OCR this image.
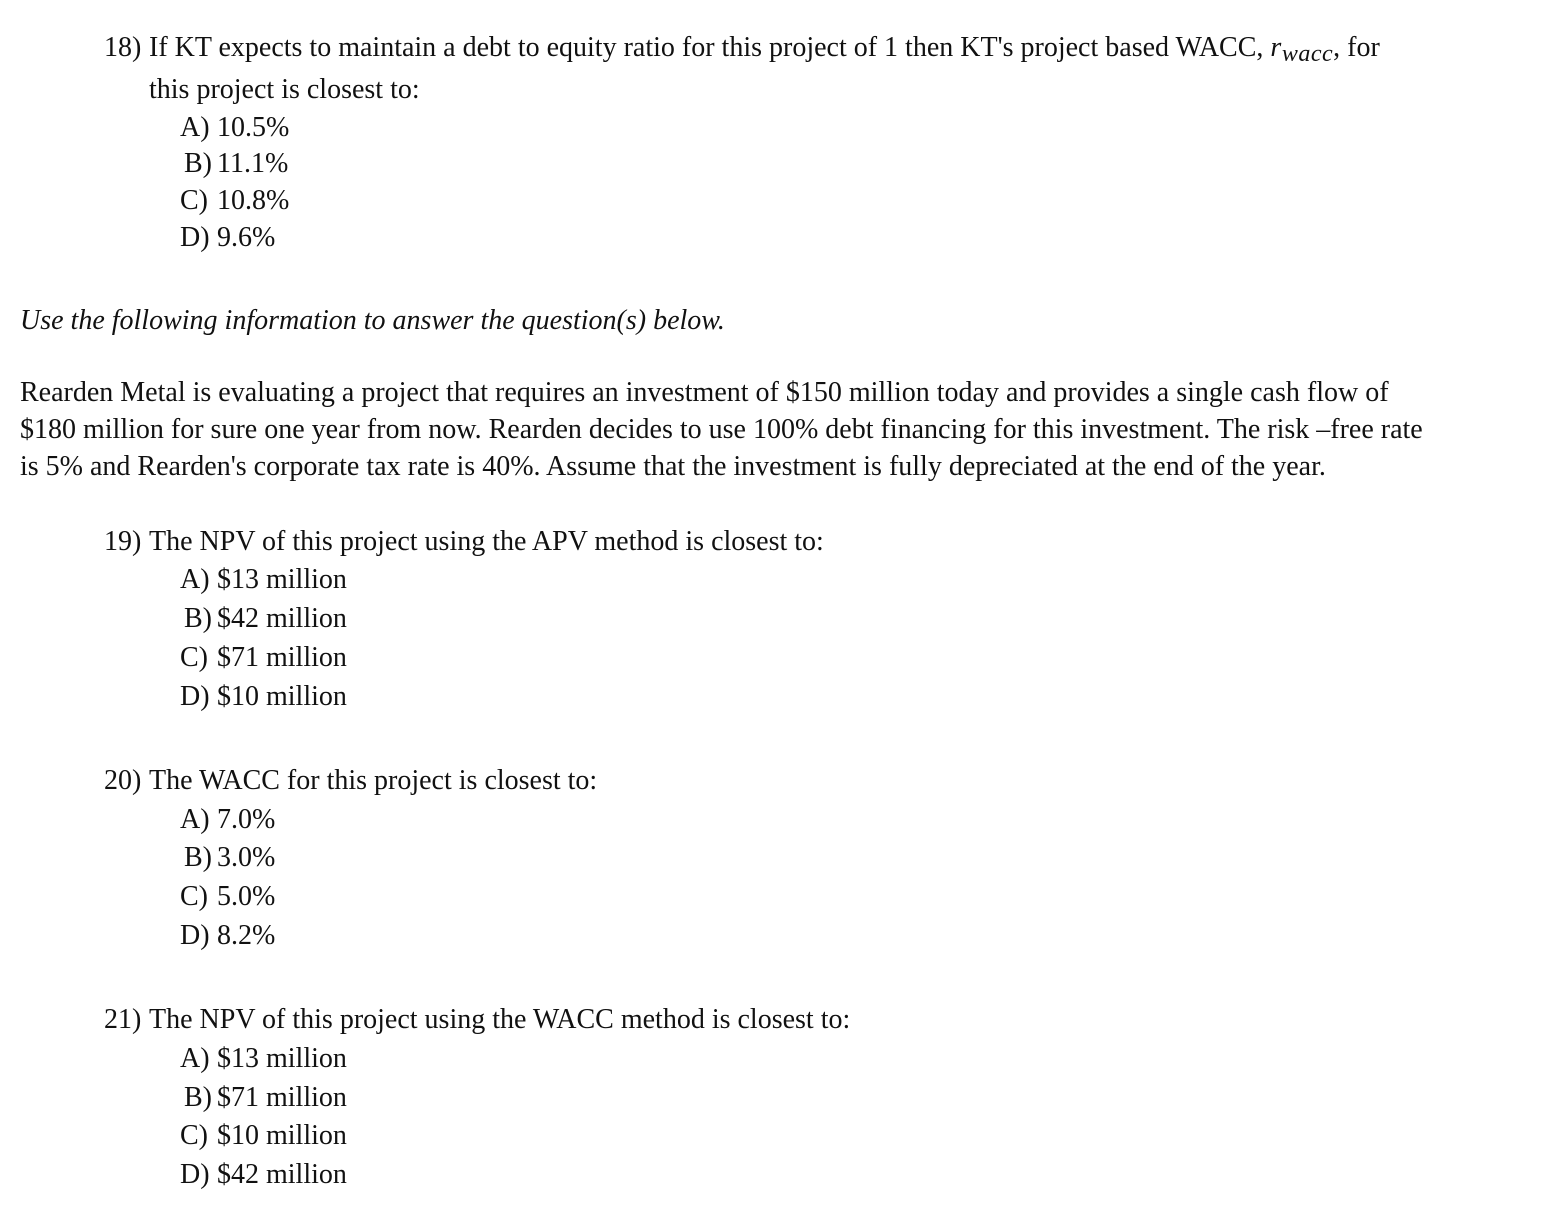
18) If KT expects to maintain a debt to equity ratio for this project of 1 then KT's project based WACC, $r_{wacc}$, for

this project is closest to:

A) 10.5%

B) 11.1%

C) 10.8%

D) 9.6%

Use the following information to answer the question(s) below.

Rearden Metal is evaluating a project that requires an investment of $150 million today and provides a single cash flow of
$180 million for sure one year from now. Rearden decides to use 100% debt financing for this investment. The risk –free rate
is 5% and Rearden's corporate tax rate is 40%. Assume that the investment is fully depreciated at the end of the year.

19) The NPV of this project using the APV method is closest to:

A) $13 million

B) $42 million

C) $71 million

D) $10 million

20) The WACC for this project is closest to:

A) 7.0%

B) 3.0%

C) 5.0%

D) 8.2%

21) The NPV of this project using the WACC method is closest to:

A) $13 million

B) $71 million

C) $10 million

D) $42 million
